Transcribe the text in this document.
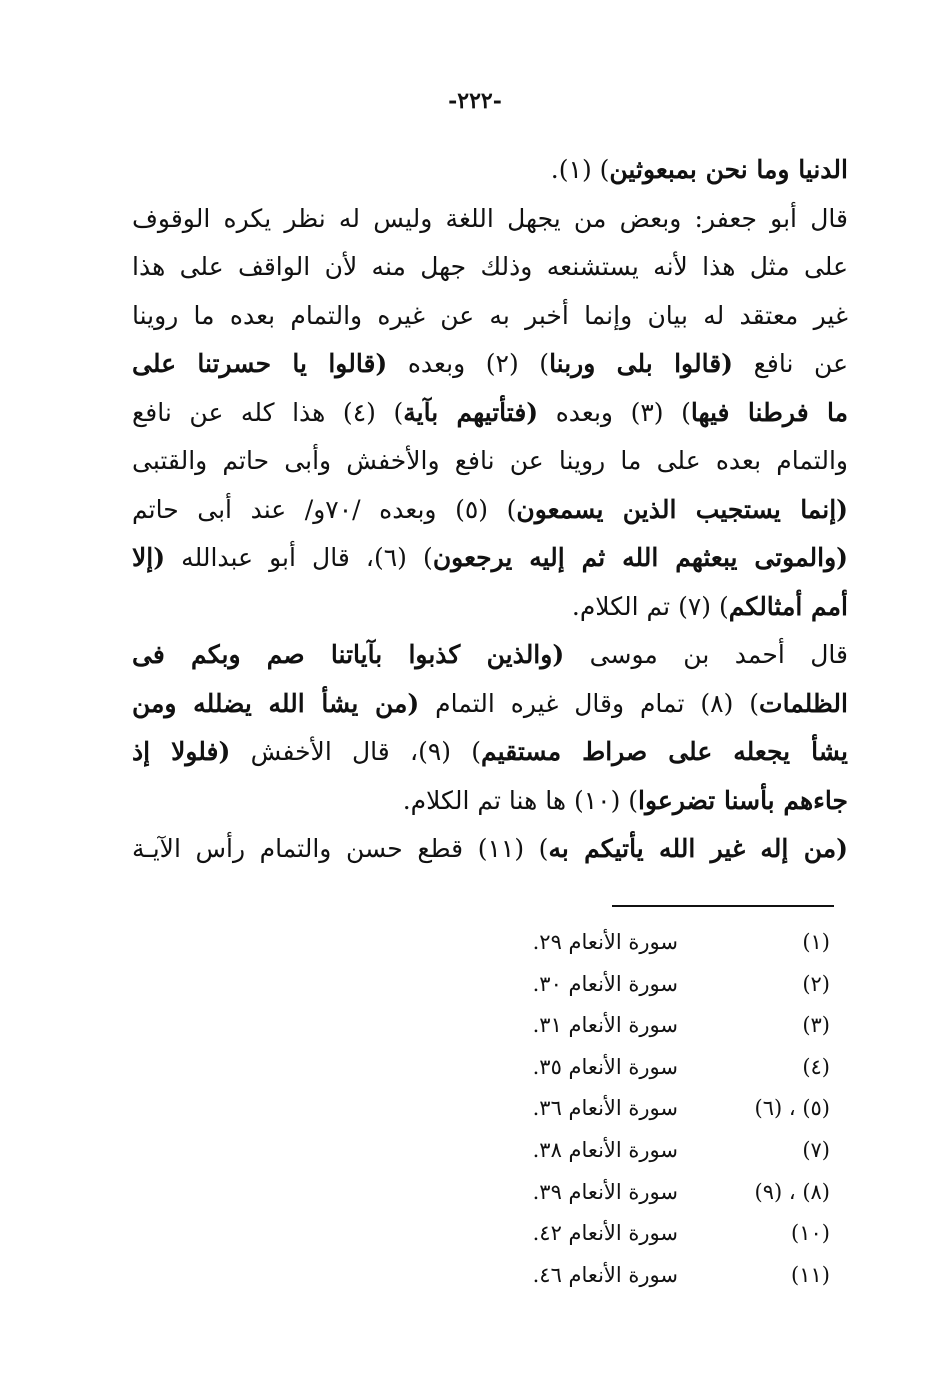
-٢٢٢-
الدنيا وما نحن بمبعوثين) (١).
قال أبو جعفر: وبعض من يجهل اللغة وليس له نظر يكره الوقوف
على مثل هذا لأنه يستشنعه وذلك جهل منه لأن الواقف على هذا
غير معتقد له بيان وإنما أخبر به عن غيره والتمام بعده ما روينا
عن نافع (قالوا بلى وربنا) (٢) وبعده (قالوا يا حسرتنا على
ما فرطنا فيها) (٣) وبعده (فتأتيهم بآية) (٤) هذا كله عن نافع
والتمام بعده على ما روينا عن نافع والأخفش وأبى حاتم والقتبى
(إنما يستجيب الذين يسمعون) (٥) وبعده /٧٠و/ عند أبى حاتم
(والموتى يبعثهم الله ثم إليه يرجعون) (٦)، قال أبو عبدالله (إلا
أمم أمثالكم) (٧) تم الكلام.
قال أحمد بن موسى (والذين كذبوا بآياتنا صم وبكم فى
الظلمات) (٨) تمام وقال غيره التمام (من يشأ الله يضلله ومن
يشأ يجعله على صراط مستقيم) (٩)، قال الأخفش (فلولا إذ
جاءهم بأسنا تضرعوا) (١٠) ها هنا تم الكلام.
(من إله غير الله يأتيكم به) (١١) قطع حسن والتمام رأس الآيـة
(١)
سورة الأنعام ٢٩.
(٢)
سورة الأنعام ٣٠.
(٣)
سورة الأنعام ٣١.
(٤)
سورة الأنعام ٣٥.
(٥) ، (٦)
سورة الأنعام ٣٦.
(٧)
سورة الأنعام ٣٨.
(٨) ، (٩)
سورة الأنعام ٣٩.
(١٠)
سورة الأنعام ٤٢.
(١١)
سورة الأنعام ٤٦.
